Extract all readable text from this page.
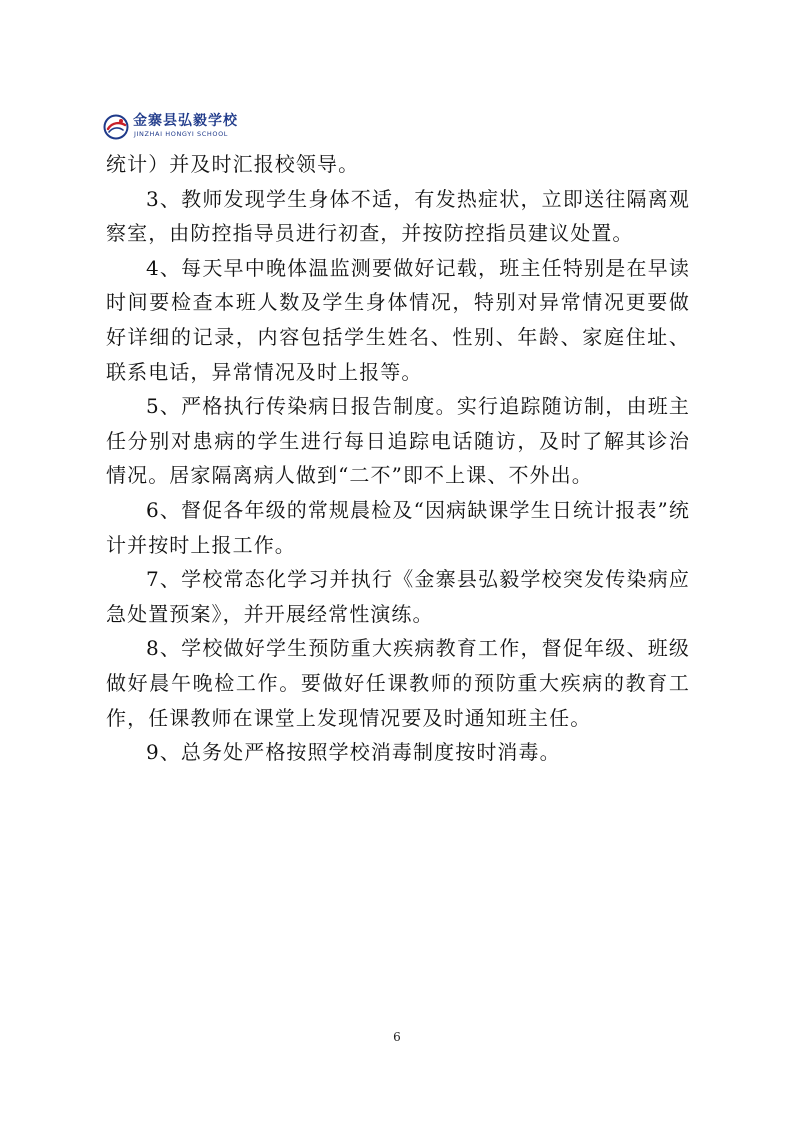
金寨县弘毅学校
JINZHAI HONGYI SCHOOL

统计）并及时汇报校领导。

3、教师发现学生身体不适，有发热症状，立即送往隔离观察室，由防控指导员进行初查，并按防控指员建议处置。

4、每天早中晚体温监测要做好记载，班主任特别是在早读时间要检查本班人数及学生身体情况，特别对异常情况更要做好详细的记录，内容包括学生姓名、性别、年龄、家庭住址、联系电话，异常情况及时上报等。

5、严格执行传染病日报告制度。实行追踪随访制，由班主任分别对患病的学生进行每日追踪电话随访，及时了解其诊治情况。居家隔离病人做到“二不”即不上课、不外出。

6、督促各年级的常规晨检及“因病缺课学生日统计报表”统计并按时上报工作。

7、学校常态化学习并执行《金寨县弘毅学校突发传染病应急处置预案》，并开展经常性演练。

8、学校做好学生预防重大疾病教育工作，督促年级、班级做好晨午晚检工作。要做好任课教师的预防重大疾病的教育工作，任课教师在课堂上发现情况要及时通知班主任。

9、总务处严格按照学校消毒制度按时消毒。

6
